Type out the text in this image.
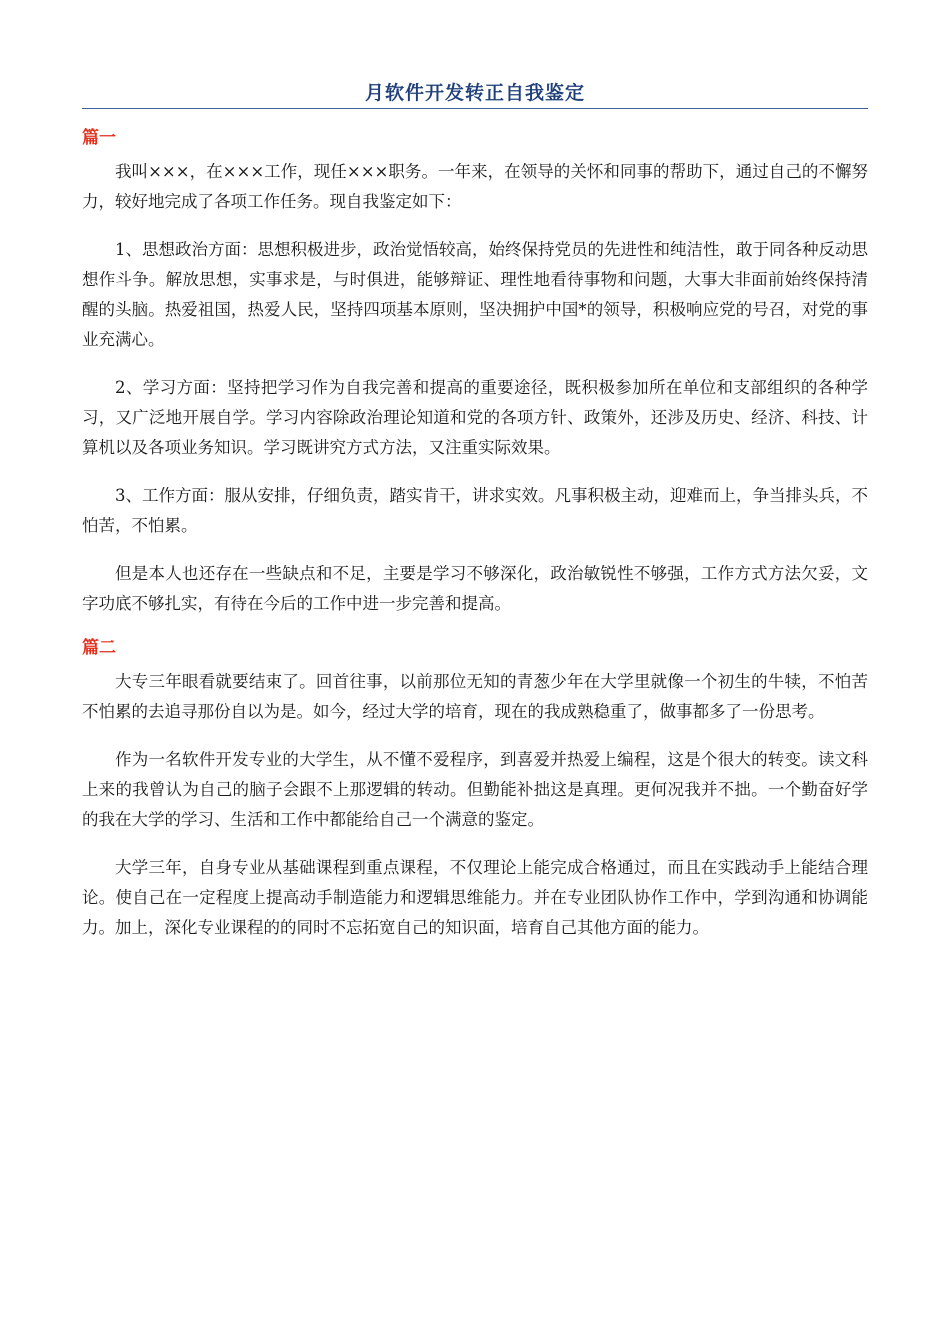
月软件开发转正自我鉴定
篇一

我叫×××，在×××工作，现任×××职务。一年来，在领导的关怀和同事的帮助下，通过自己的不懈努力，较好地完成了各项工作任务。现自我鉴定如下：

1、思想政治方面：思想积极进步，政治觉悟较高，始终保持党员的先进性和纯洁性，敢于同各种反动思想作斗争。解放思想，实事求是，与时俱进，能够辩证、理性地看待事物和问题，大事大非面前始终保持清醒的头脑。热爱祖国，热爱人民，坚持四项基本原则，坚决拥护中国*的领导，积极响应党的号召，对党的事业充满心。

2、学习方面：坚持把学习作为自我完善和提高的重要途径，既积极参加所在单位和支部组织的各种学习，又广泛地开展自学。学习内容除政治理论知道和党的各项方针、政策外，还涉及历史、经济、科技、计算机以及各项业务知识。学习既讲究方式方法，又注重实际效果。

3、工作方面：服从安排，仔细负责，踏实肯干，讲求实效。凡事积极主动，迎难而上，争当排头兵，不怕苦，不怕累。

但是本人也还存在一些缺点和不足，主要是学习不够深化，政治敏锐性不够强，工作方式方法欠妥，文字功底不够扎实，有待在今后的工作中进一步完善和提高。

篇二

大专三年眼看就要结束了。回首往事，以前那位无知的青葱少年在大学里就像一个初生的牛犊，不怕苦不怕累的去追寻那份自以为是。如今，经过大学的培育，现在的我成熟稳重了，做事都多了一份思考。

作为一名软件开发专业的大学生，从不懂不爱程序，到喜爱并热爱上编程，这是个很大的转变。读文科上来的我曾认为自己的脑子会跟不上那逻辑的转动。但勤能补拙这是真理。更何况我并不拙。一个勤奋好学的我在大学的学习、生活和工作中都能给自己一个满意的鉴定。

大学三年，自身专业从基础课程到重点课程，不仅理论上能完成合格通过，而且在实践动手上能结合理论。使自己在一定程度上提高动手制造能力和逻辑思维能力。并在专业团队协作工作中，学到沟通和协调能力。加上，深化专业课程的的同时不忘拓宽自己的知识面，培育自己其他方面的能力。
